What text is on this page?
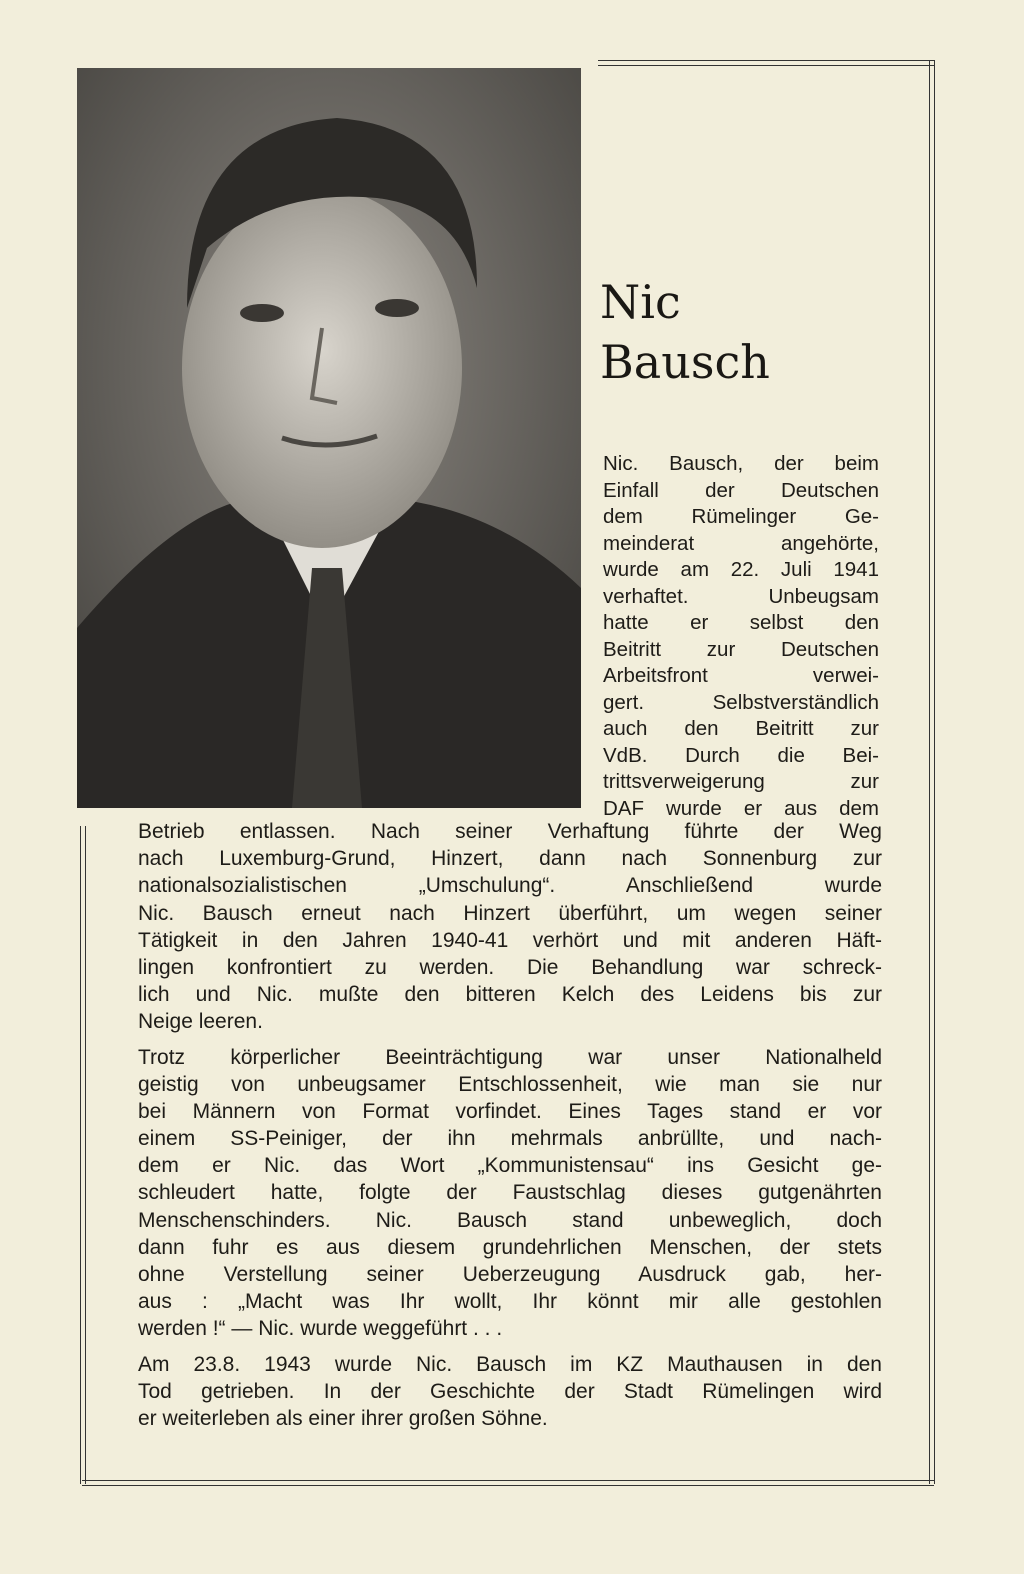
Nic
Bausch
Nic. Bausch, der beim
Einfall der Deutschen
dem Rümelinger Ge-
meinderat angehörte,
wurde am 22. Juli 1941
verhaftet. Unbeugsam
hatte er selbst den
Beitritt zur Deutschen
Arbeitsfront verwei-
gert. Selbstverständlich
auch den Beitritt zur
VdB. Durch die Bei-
trittsverweigerung zur
DAF wurde er aus dem
Betrieb entlassen. Nach seiner Verhaftung führte der Weg
nach Luxemburg-Grund, Hinzert, dann nach Sonnenburg zur
nationalsozialistischen „Umschulung“. Anschließend wurde
Nic. Bausch erneut nach Hinzert überführt, um wegen seiner
Tätigkeit in den Jahren 1940-41 verhört und mit anderen Häft-
lingen konfrontiert zu werden. Die Behandlung war schreck-
lich und Nic. mußte den bitteren Kelch des Leidens bis zur
Neige leeren.
Trotz körperlicher Beeinträchtigung war unser Nationalheld
geistig von unbeugsamer Entschlossenheit, wie man sie nur
bei Männern von Format vorfindet. Eines Tages stand er vor
einem SS-Peiniger, der ihn mehrmals anbrüllte, und nach-
dem er Nic. das Wort „Kommunistensau“ ins Gesicht ge-
schleudert hatte, folgte der Faustschlag dieses gutgenährten
Menschenschinders. Nic. Bausch stand unbeweglich, doch
dann fuhr es aus diesem grundehrlichen Menschen, der stets
ohne Verstellung seiner Ueberzeugung Ausdruck gab, her-
aus : „Macht was Ihr wollt, Ihr könnt mir alle gestohlen
werden !“ — Nic. wurde weggeführt . . .
Am 23.8. 1943 wurde Nic. Bausch im KZ Mauthausen in den
Tod getrieben. In der Geschichte der Stadt Rümelingen wird
er weiterleben als einer ihrer großen Söhne.
